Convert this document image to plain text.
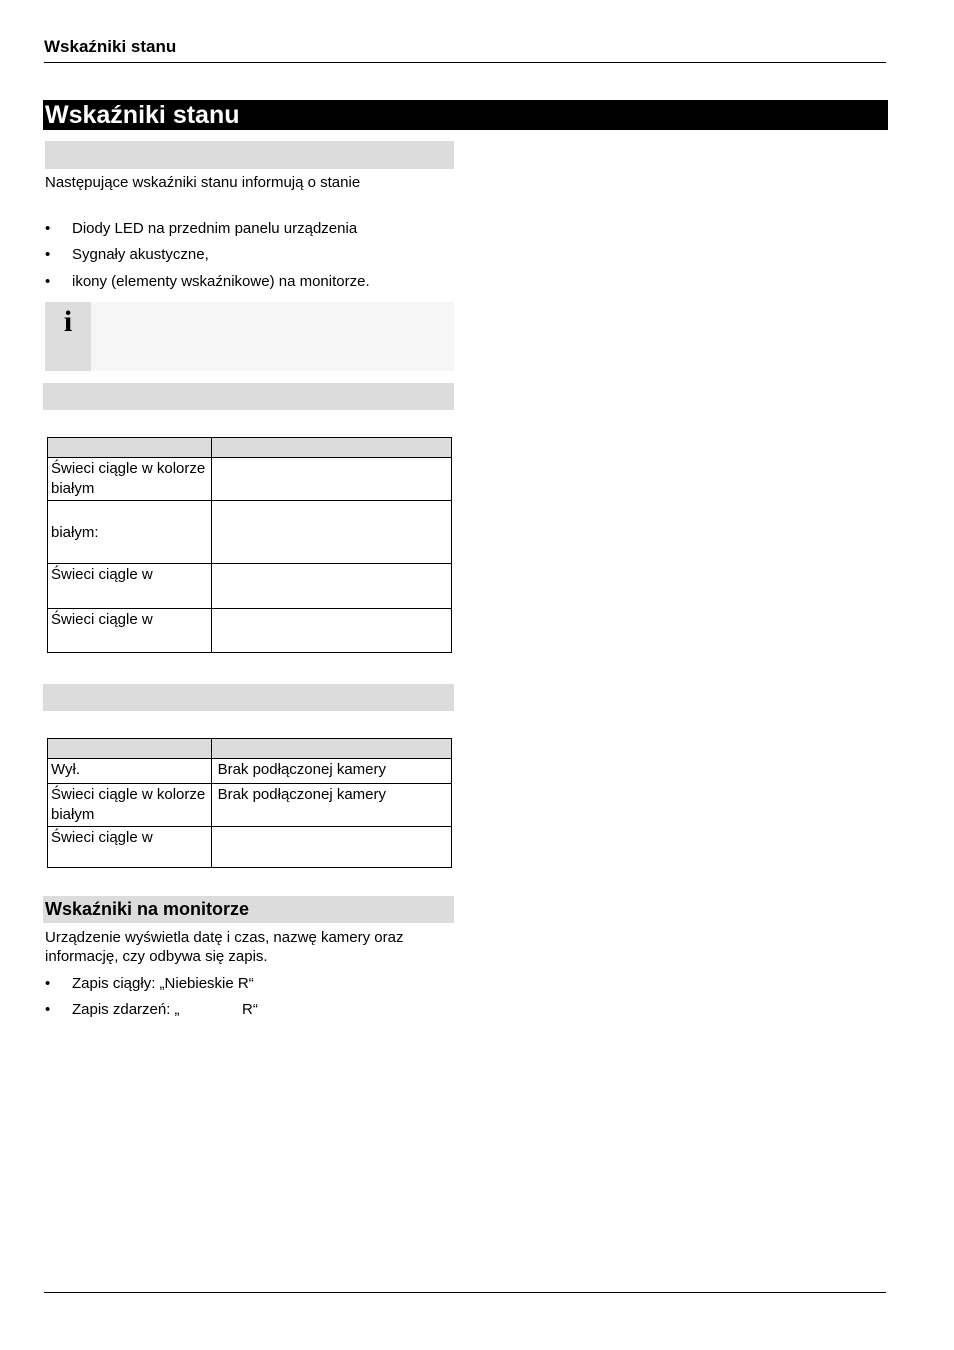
Wskaźniki stanu
Wskaźniki stanu
Następujące wskaźniki stanu informują o stanie
• Diody LED na przednim panelu urządzenia
• Sygnały akustyczne,
• ikony (elementy wskaźnikowe) na monitorze.
i

Świeci ciągle w kolorze białym	
białym:	
Świeci ciągle w	
Świeci ciągle w	

Wył.	Brak podłączonej kamery
Świeci ciągle w kolorze białym	Brak podłączonej kamery
Świeci ciągle w	
Wskaźniki na monitorze
Urządzenie wyświetla datę i czas, nazwę kamery oraz informację, czy odbywa się zapis.
• Zapis ciągły: „Niebieskie R“
• Zapis zdarzeń: „               R“
